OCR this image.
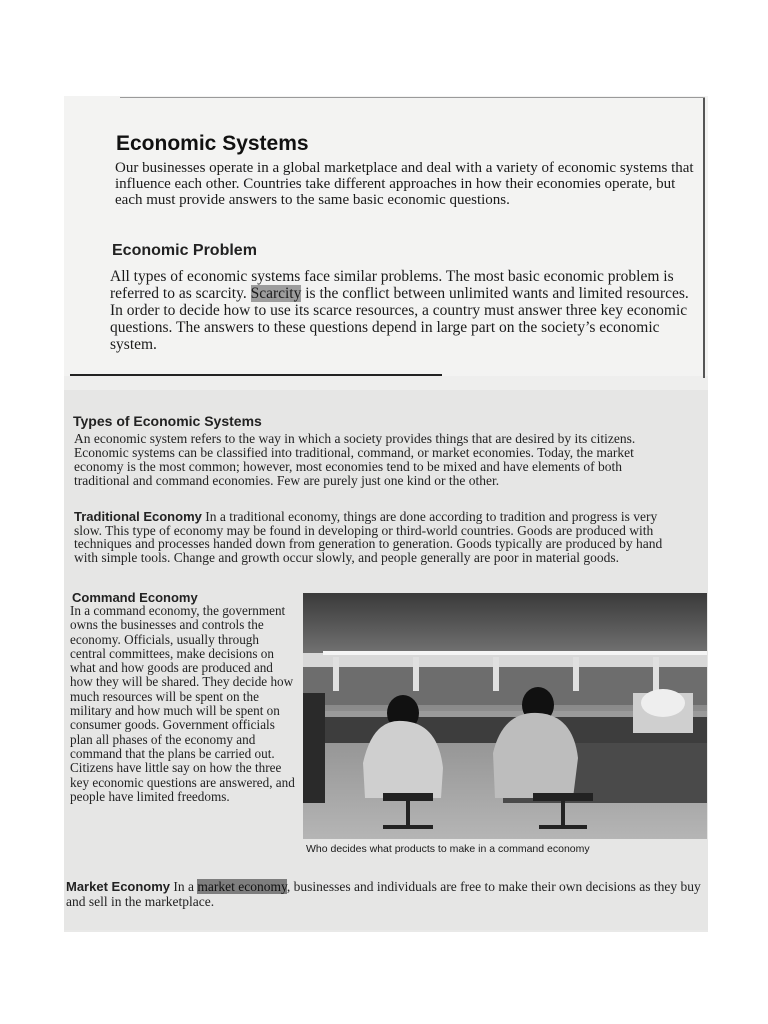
Economic Systems

Our businesses operate in a global marketplace and deal with a variety of economic systems that influence each other. Countries take different approaches in how their economies operate, but each must provide answers to the same basic economic questions.

Economic Problem

All types of economic systems face similar problems. The most basic economic problem is referred to as scarcity. Scarcity is the conflict between unlimited wants and limited resources. In order to decide how to use its scarce resources, a country must answer three key economic questions. The answers to these questions depend in large part on the society’s economic system.

Types of Economic Systems

An economic system refers to the way in which a society provides things that are desired by its citizens. Economic systems can be classified into traditional, command, or market economies. Today, the market economy is the most common; however, most economies tend to be mixed and have elements of both traditional and command economies. Few are purely just one kind or the other.

Traditional Economy In a traditional economy, things are done according to tradition and progress is very slow. This type of economy may be found in developing or third-world countries. Goods are produced with techniques and processes handed down from generation to generation. Goods typically are produced by hand with simple tools. Change and growth occur slowly, and people generally are poor in material goods.

Command Economy

In a command economy, the government owns the businesses and controls the economy. Officials, usually through central committees, make decisions on what and how goods are produced and how they will be shared. They decide how much resources will be spent on the military and how much will be spent on consumer goods. Government officials plan all phases of the economy and command that the plans be carried out. Citizens have little say on how the three key economic questions are answered, and people have limited freedoms.

Who decides what products to make in a command economy

Market Economy In a market economy, businesses and individuals are free to make their own decisions as they buy and sell in the marketplace.
